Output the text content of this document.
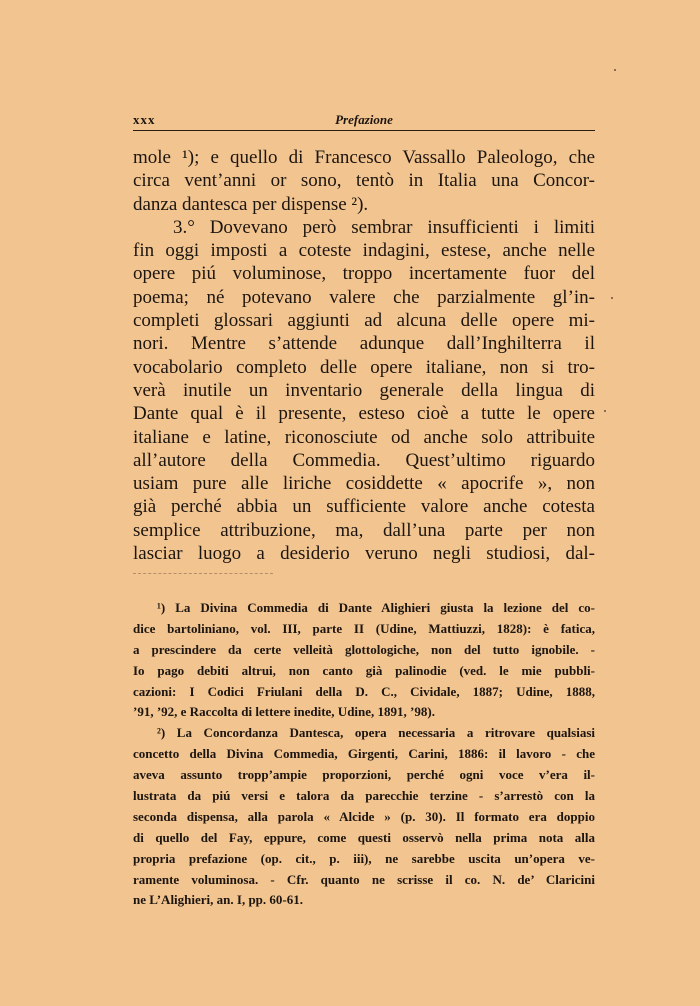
xxx	Prefazione
mole ¹); e quello di Francesco Vassallo Paleologo, che
circa vent’anni or sono, tentò in Italia una Concor-
danza dantesca per dispense ²).
3.° Dovevano però sembrar insufficienti i limiti
fin oggi imposti a coteste indagini, estese, anche nelle
opere piú voluminose, troppo incertamente fuor del
poema; né potevano valere che parzialmente gl’in-
completi glossari aggiunti ad alcuna delle opere mi-
nori. Mentre s’attende adunque dall’Inghilterra il
vocabolario completo delle opere italiane, non si tro-
verà inutile un inventario generale della lingua di
Dante qual è il presente, esteso cioè a tutte le opere
italiane e latine, riconosciute od anche solo attribuite
all’autore della Commedia. Quest’ultimo riguardo
usiam pure alle liriche cosiddette « apocrife », non
già perché abbia un sufficiente valore anche cotesta
semplice attribuzione, ma, dall’una parte per non
lasciar luogo a desiderio veruno negli studiosi, dal-
¹) La Divina Commedia di Dante Alighieri giusta la lezione del co-
dice bartoliniano, vol. III, parte II (Udine, Mattiuzzi, 1828): è fatica,
a prescindere da certe velleità glottologiche, non del tutto ignobile. -
Io pago debiti altrui, non canto già palinodie (ved. le mie pubbli-
cazioni: I Codici Friulani della D. C., Cividale, 1887; Udine, 1888,
’91, ’92, e Raccolta di lettere inedite, Udine, 1891, ’98).
²) La Concordanza Dantesca, opera necessaria a ritrovare qualsiasi
concetto della Divina Commedia, Girgenti, Carini, 1886: il lavoro - che
aveva assunto tropp’ampie proporzioni, perché ogni voce v’era il-
lustrata da piú versi e talora da parecchie terzine - s’arrestò con la
seconda dispensa, alla parola « Alcide » (p. 30). Il formato era doppio
di quello del Fay, eppure, come questi osservò nella prima nota alla
propria prefazione (op. cit., p. iii), ne sarebbe uscita un’opera ve-
ramente voluminosa. - Cfr. quanto ne scrisse il co. N. de’ Claricini
ne L’Alighieri, an. I, pp. 60-61.
